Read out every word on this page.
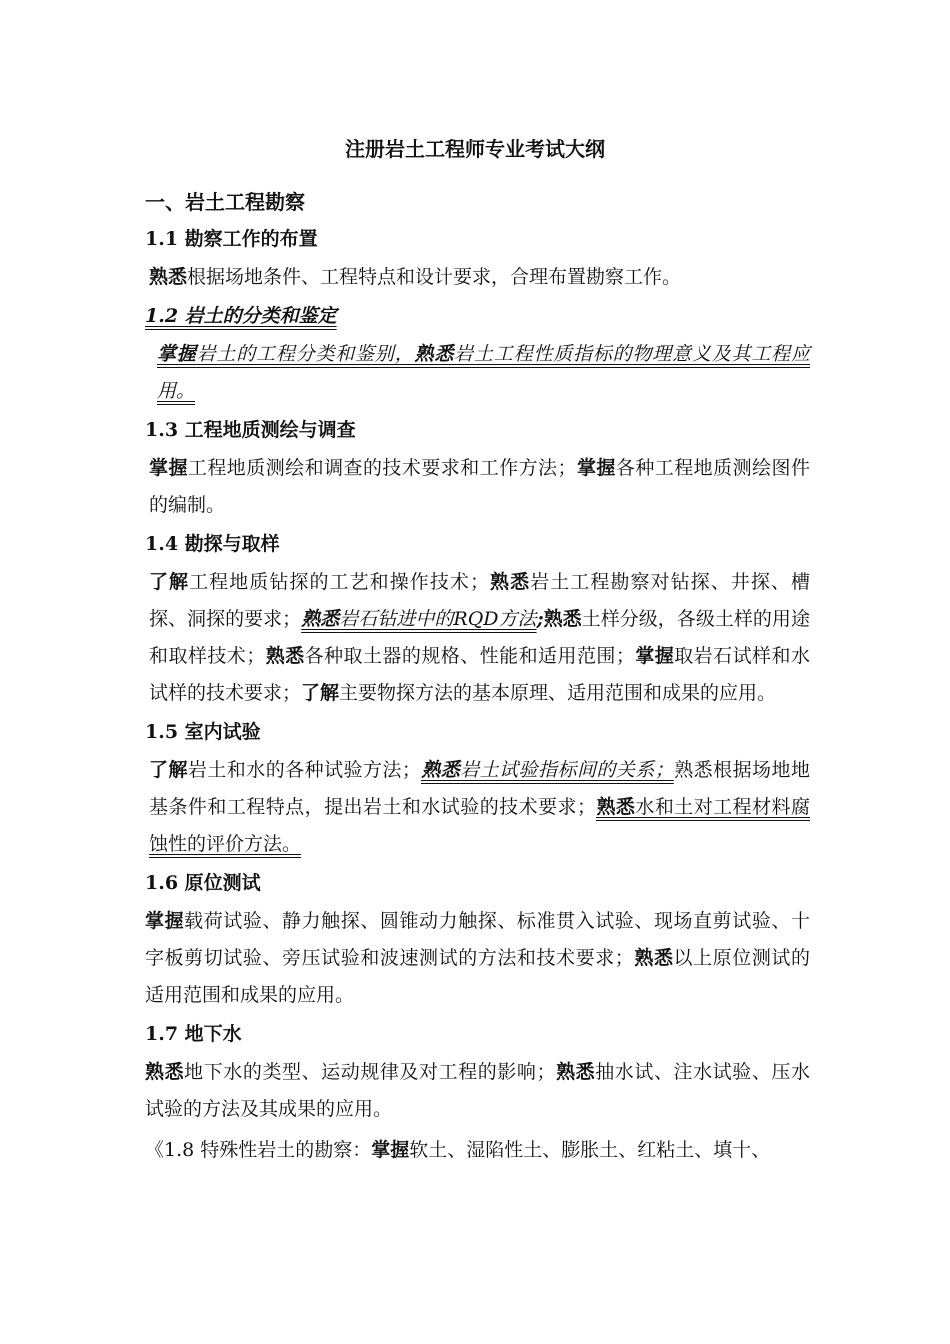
注册岩土工程师专业考试大纲
一、岩土工程勘察
1.1 勘察工作的布置
熟悉根据场地条件、工程特点和设计要求，合理布置勘察工作。
1.2 岩土的分类和鉴定
掌握岩土的工程分类和鉴别，熟悉岩土工程性质指标的物理意义及其工程应用。
1.3 工程地质测绘与调查
掌握工程地质测绘和调查的技术要求和工作方法；掌握各种工程地质测绘图件的编制。
1.4 勘探与取样
了解工程地质钻探的工艺和操作技术；熟悉岩土工程勘察对钻探、井探、槽探、洞探的要求；熟悉岩石钻进中的RQD方法;熟悉土样分级，各级土样的用途和取样技术；熟悉各种取土器的规格、性能和适用范围；掌握取岩石试样和水试样的技术要求；了解主要物探方法的基本原理、适用范围和成果的应用。
1.5 室内试验
了解岩土和水的各种试验方法；熟悉岩土试验指标间的关系；熟悉根据场地地基条件和工程特点，提出岩土和水试验的技术要求；熟悉水和土对工程材料腐蚀性的评价方法。
1.6 原位测试
掌握载荷试验、静力触探、圆锥动力触探、标准贯入试验、现场直剪试验、十字板剪切试验、旁压试验和波速测试的方法和技术要求；熟悉以上原位测试的适用范围和成果的应用。
1.7 地下水
熟悉地下水的类型、运动规律及对工程的影响；熟悉抽水试、注水试验、压水试验的方法及其成果的应用。
《1.8 特殊性岩土的勘察：掌握软土、湿陷性土、膨胀土、红粘土、填十、
